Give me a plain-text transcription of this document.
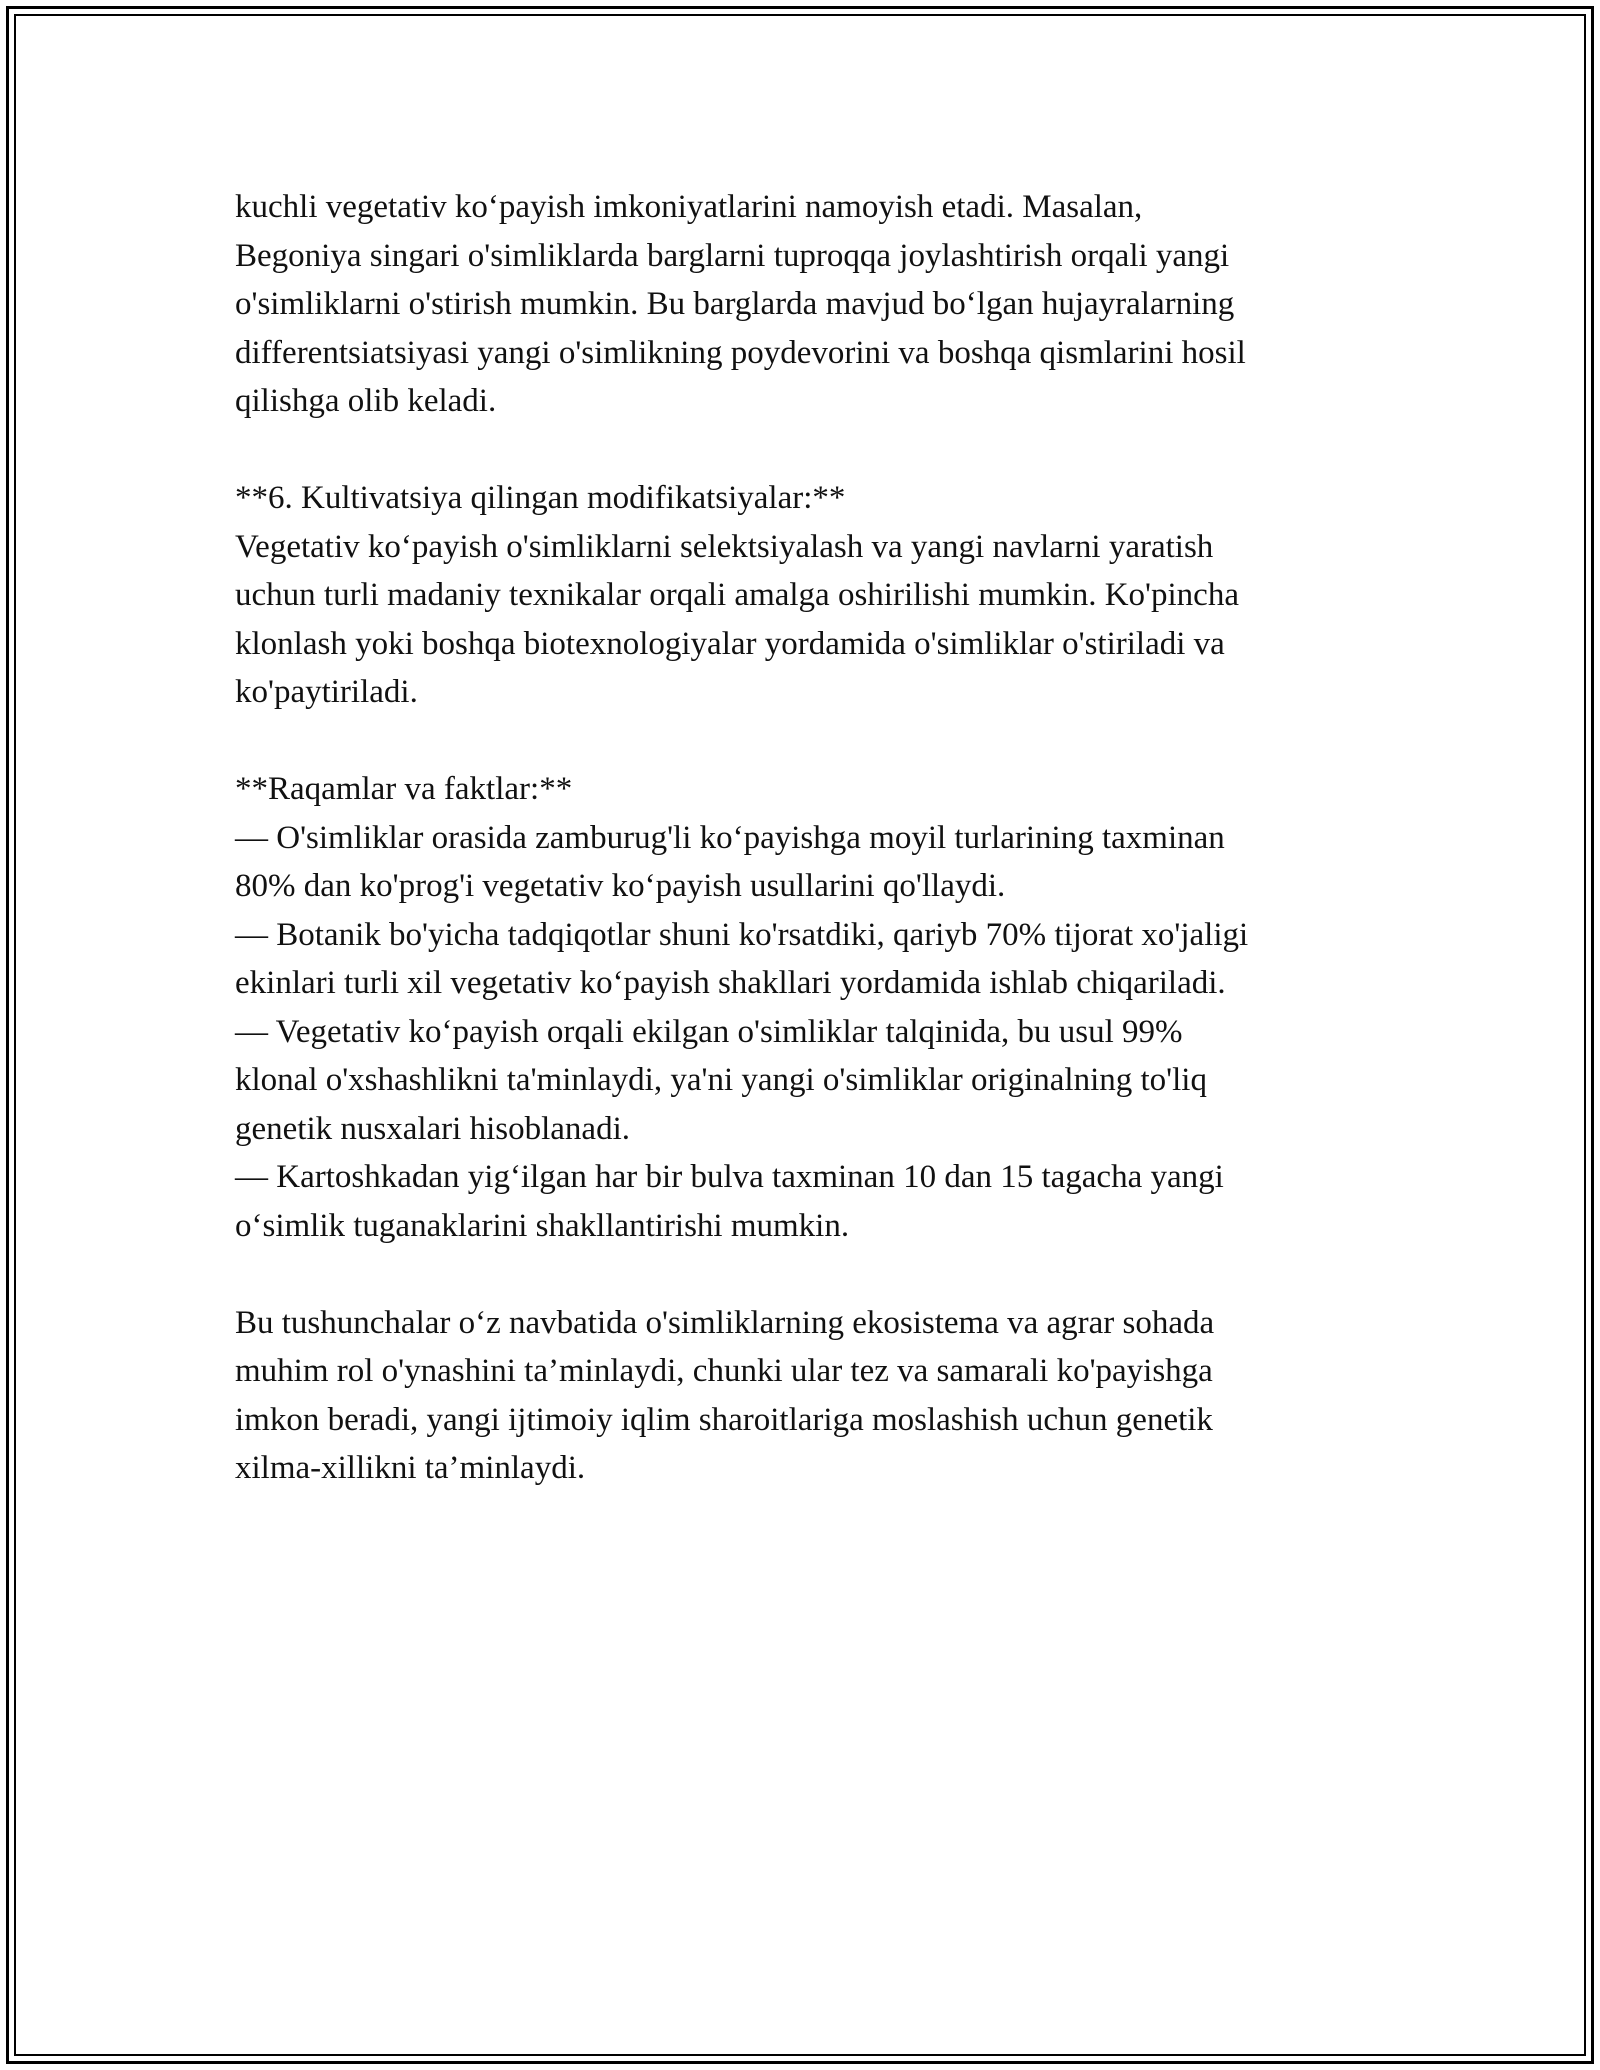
kuchli vegetativ ko‘payish imkoniyatlarini namoyish etadi. Masalan,
Begoniya singari o'simliklarda barglarni tuproqqa joylashtirish orqali yangi
o'simliklarni o'stirish mumkin. Bu barglarda mavjud bo‘lgan hujayralarning
differentsiatsiyasi yangi o'simlikning poydevorini va boshqa qismlarini hosil
qilishga olib keladi.
**6. Kultivatsiya qilingan modifikatsiyalar:**
Vegetativ ko‘payish o'simliklarni selektsiyalash va yangi navlarni yaratish
uchun turli madaniy texnikalar orqali amalga oshirilishi mumkin. Ko'pincha
klonlash yoki boshqa biotexnologiyalar yordamida o'simliklar o'stiriladi va
ko'paytiriladi.
**Raqamlar va faktlar:**
— O'simliklar orasida zamburug'li ko‘payishga moyil turlarining taxminan
80% dan ko'prog'i vegetativ ko‘payish usullarini qo'llaydi.
— Botanik bo'yicha tadqiqotlar shuni ko'rsatdiki, qariyb 70% tijorat xo'jaligi
ekinlari turli xil vegetativ ko‘payish shakllari yordamida ishlab chiqariladi.
— Vegetativ ko‘payish orqali ekilgan o'simliklar talqinida, bu usul 99%
klonal o'xshashlikni ta'minlaydi, ya'ni yangi o'simliklar originalning to'liq
genetik nusxalari hisoblanadi.
— Kartoshkadan yig‘ilgan har bir bulva taxminan 10 dan 15 tagacha yangi
o‘simlik tuganaklarini shakllantirishi mumkin.
Bu tushunchalar o‘z navbatida o'simliklarning ekosistema va agrar sohada
muhim rol o'ynashini ta’minlaydi, chunki ular tez va samarali ko'payishga
imkon beradi, yangi ijtimoiy iqlim sharoitlariga moslashish uchun genetik
xilma-xillikni ta’minlaydi.
